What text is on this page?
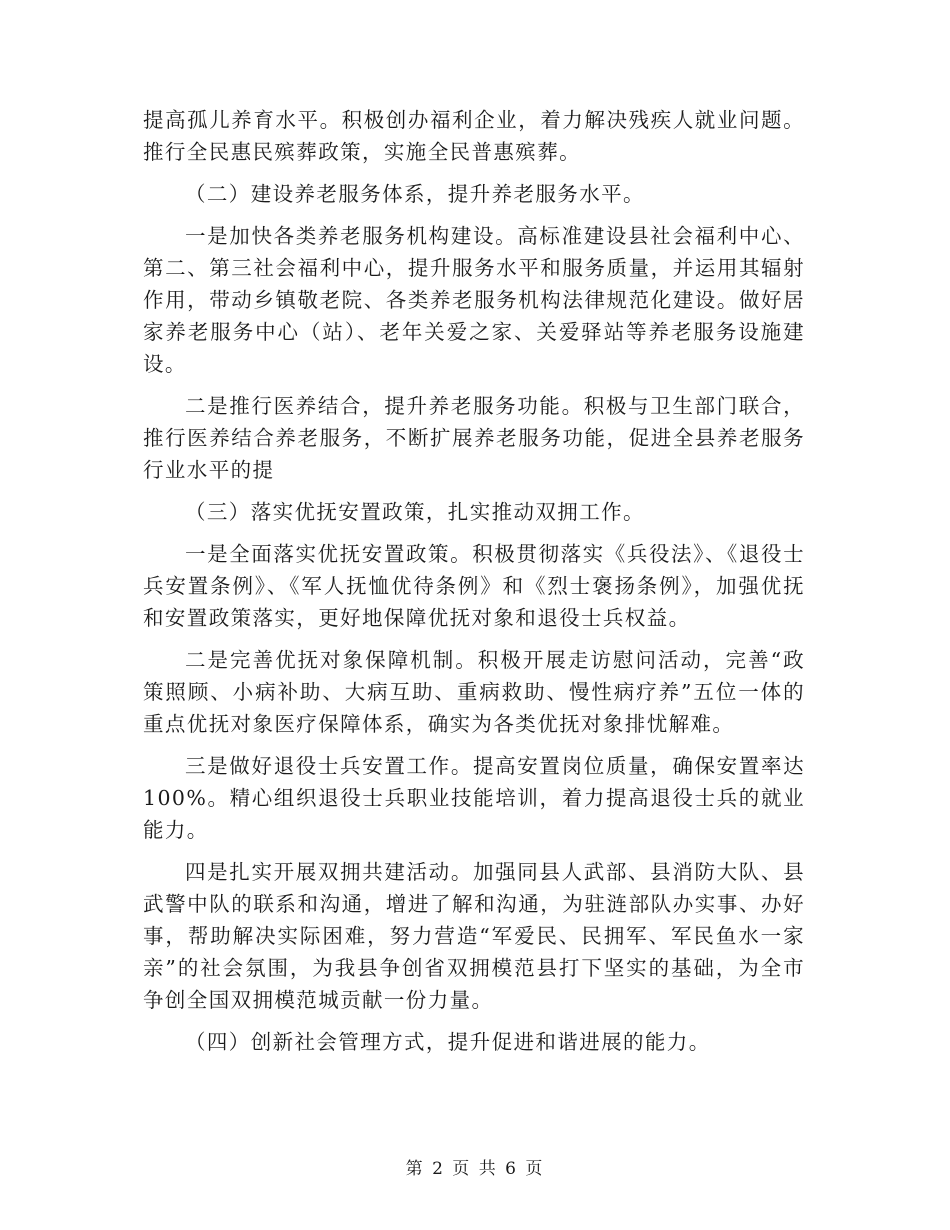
提高孤儿养育水平。积极创办福利企业，着力解决残疾人就业问题。推行全民惠民殡葬政策，实施全民普惠殡葬。

（二）建设养老服务体系，提升养老服务水平。

一是加快各类养老服务机构建设。高标准建设县社会福利中心、第二、第三社会福利中心，提升服务水平和服务质量，并运用其辐射作用，带动乡镇敬老院、各类养老服务机构法律规范化建设。做好居家养老服务中心（站）、老年关爱之家、关爱驿站等养老服务设施建设。

二是推行医养结合，提升养老服务功能。积极与卫生部门联合，推行医养结合养老服务，不断扩展养老服务功能，促进全县养老服务行业水平的提

（三）落实优抚安置政策，扎实推动双拥工作。

一是全面落实优抚安置政策。积极贯彻落实《兵役法》、《退役士兵安置条例》、《军人抚恤优待条例》和《烈士褒扬条例》，加强优抚和安置政策落实，更好地保障优抚对象和退役士兵权益。

二是完善优抚对象保障机制。积极开展走访慰问活动，完善“政策照顾、小病补助、大病互助、重病救助、慢性病疗养”五位一体的重点优抚对象医疗保障体系，确实为各类优抚对象排忧解难。

三是做好退役士兵安置工作。提高安置岗位质量，确保安置率达100%。精心组织退役士兵职业技能培训，着力提高退役士兵的就业能力。

四是扎实开展双拥共建活动。加强同县人武部、县消防大队、县武警中队的联系和沟通，增进了解和沟通，为驻涟部队办实事、办好事，帮助解决实际困难，努力营造“军爱民、民拥军、军民鱼水一家亲”的社会氛围，为我县争创省双拥模范县打下坚实的基础，为全市争创全国双拥模范城贡献一份力量。

（四）创新社会管理方式，提升促进和谐进展的能力。

第 2 页 共 6 页
